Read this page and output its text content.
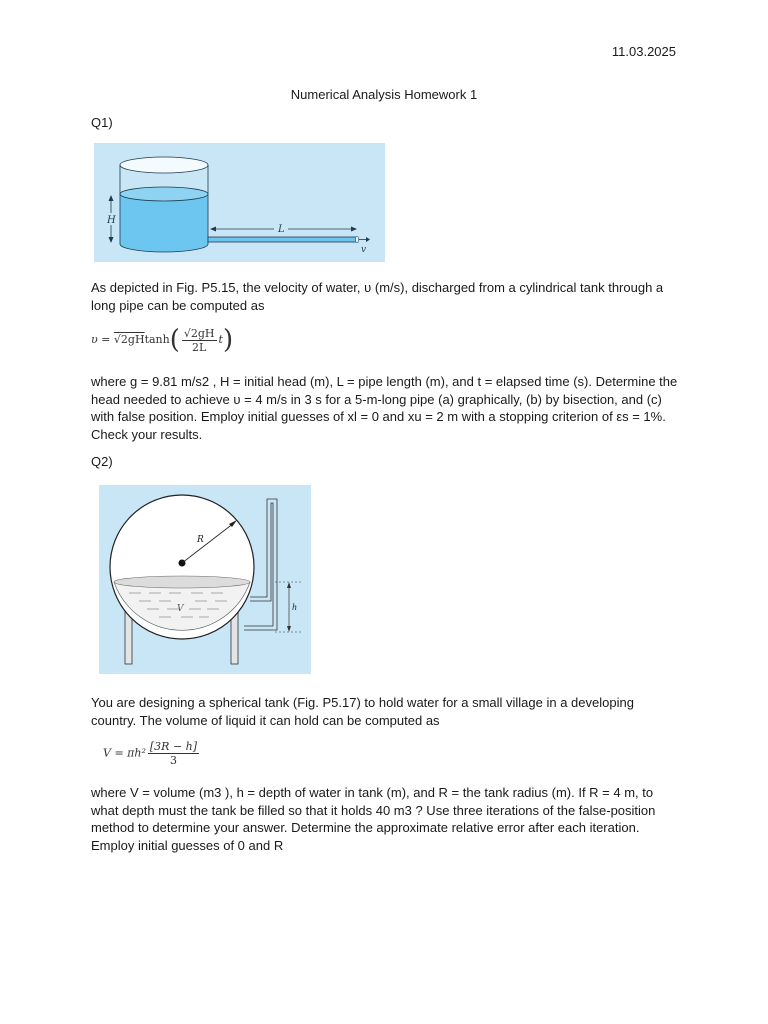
11.03.2025
Numerical Analysis Homework 1
Q1)
H
L
v
As depicted in Fig. P5.15, the velocity of water, υ (m/s), discharged from a cylindrical tank through a long pipe can be computed as
$\upsilon = √2gHtanh( \frac{√2gH}{2L} t)$
where g = 9.81 m/s2 , H = initial head (m), L = pipe length (m), and t = elapsed time (s). Determine the head needed to achieve υ = 4 m/s in 3 s for a 5-m-long pipe (a) graphically, (b) by bisection, and (c) with false position. Employ initial guesses of xl = 0 and xu = 2 m with a stopping criterion of εs = 1%. Check your results.
Q2)
R
V	h
You are designing a spherical tank (Fig. P5.17) to hold water for a small village in a developing country. The volume of liquid it can hold can be computed as
$V = \pi h^2 \frac{[3R - h]}{3}$
where V = volume (m3 ), h = depth of water in tank (m), and R = the tank radius (m). If R = 4 m, to what depth must the tank be filled so that it holds 40 m3 ? Use three iterations of the false-position method to determine your answer. Determine the approximate relative error after each iteration. Employ initial guesses of 0 and R
